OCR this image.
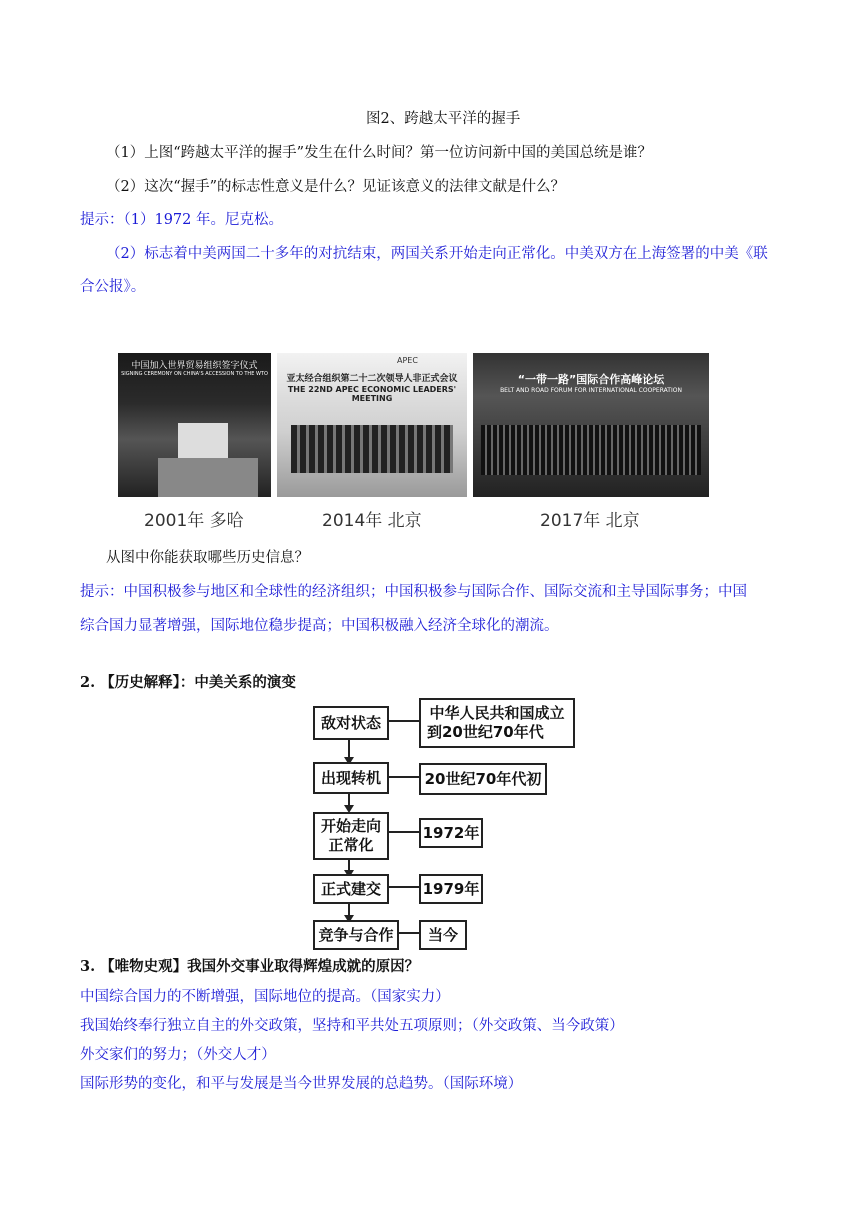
图2、跨越太平洋的握手
（1）上图“跨越太平洋的握手”发生在什么时间？第一位访问新中国的美国总统是谁？
（2）这次“握手”的标志性意义是什么？见证该意义的法律文献是什么？
提示：（1）1972 年。尼克松。
（2）标志着中美两国二十多年的对抗结束，两国关系开始走向正常化。中美双方在上海签署的中美《联
合公报》。
中国加入世界贸易组织签字仪式
SIGNING CEREMONY ON CHINA'S ACCESSION TO THE WTO
APEC
亚太经合组织第二十二次领导人非正式会议
THE 22ND APEC ECONOMIC LEADERS' MEETING
“一带一路”国际合作高峰论坛
BELT AND ROAD FORUM FOR INTERNATIONAL COOPERATION
2001年 多哈	2014年 北京	2017年 北京
从图中你能获取哪些历史信息？
提示：中国积极参与地区和全球性的经济组织；中国积极参与国际合作、国际交流和主导国际事务；中国
综合国力显著增强，国际地位稳步提高；中国积极融入经济全球化的潮流。
2. 【历史解释】：中美关系的演变
敌对状态
出现转机
开始走向
正常化
正式建交
竞争与合作
中华人民共和国成立
到20世纪70年代
20世纪70年代初
1972年
1979年
当今
3. 【唯物史观】我国外交事业取得辉煌成就的原因？
中国综合国力的不断增强，国际地位的提高。（国家实力）
我国始终奉行独立自主的外交政策，坚持和平共处五项原则；（外交政策、当今政策）
外交家们的努力；（外交人才）
国际形势的变化，和平与发展是当今世界发展的总趋势。（国际环境）
